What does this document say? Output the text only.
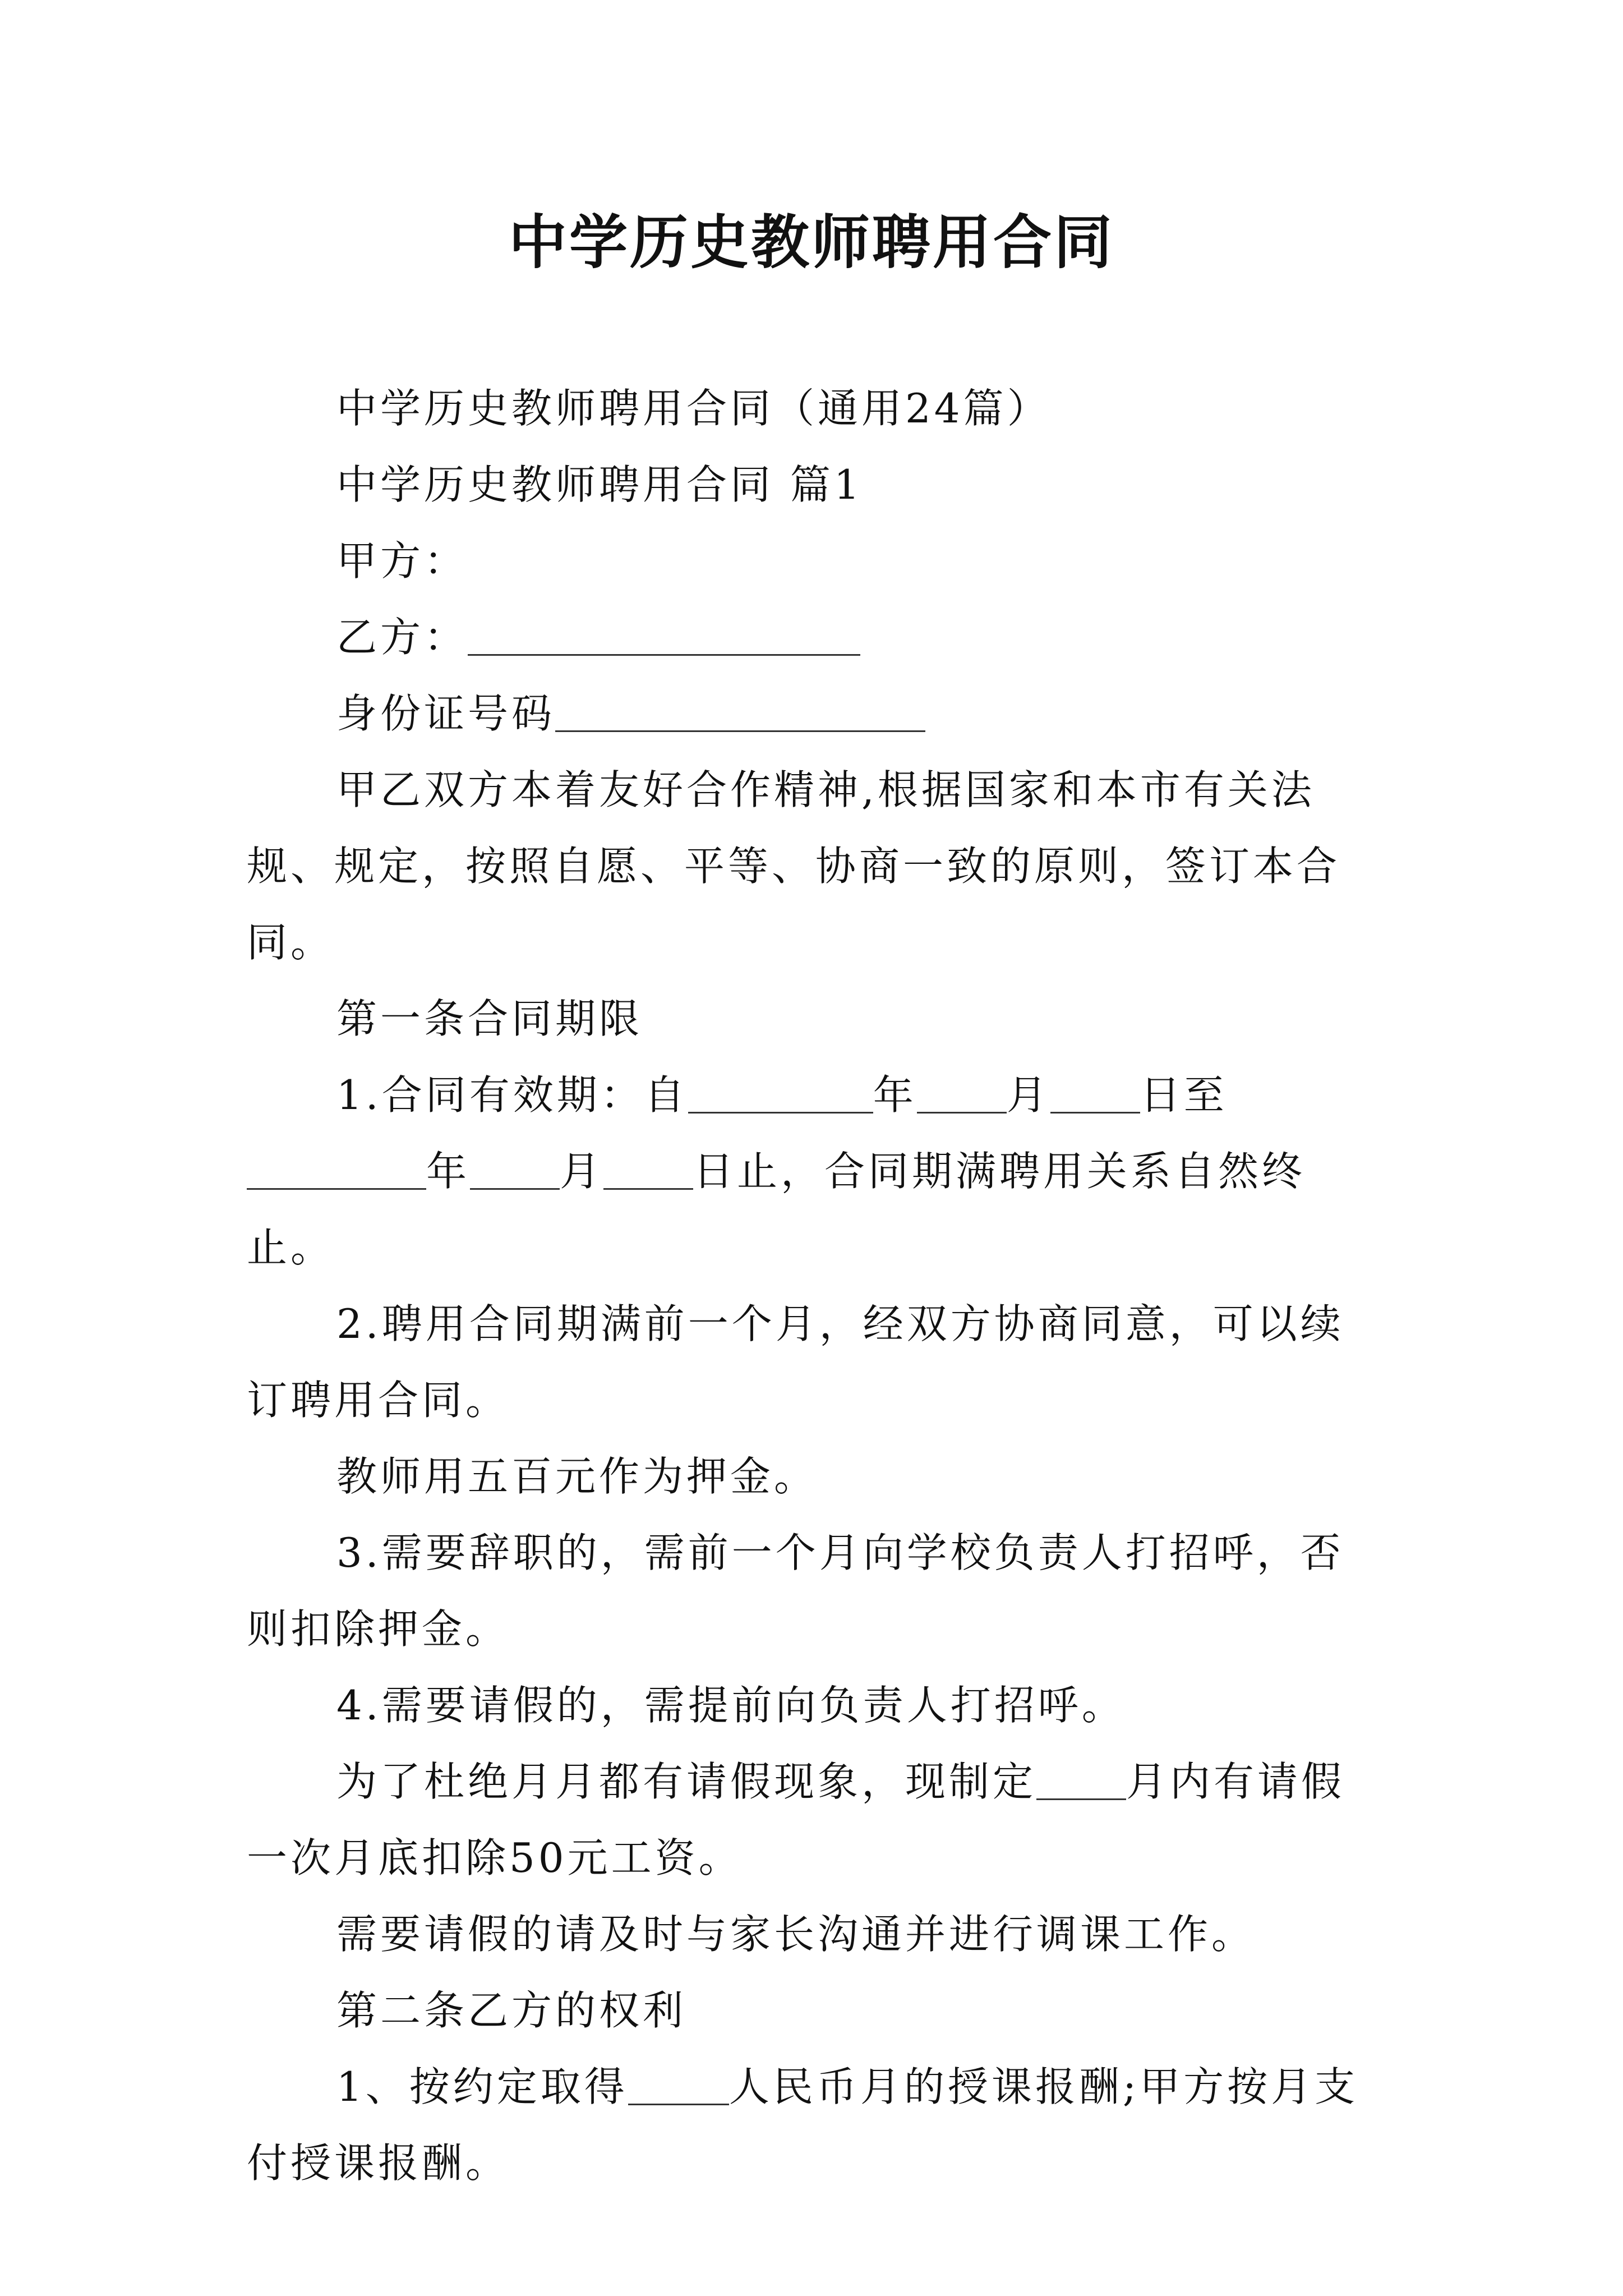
中学历史教师聘用合同

中学历史教师聘用合同（通用24篇）

中学历史教师聘用合同 篇1

甲方：

乙方：

身份证号码

甲乙双方本着友好合作精神,根据国家和本市有关法规、规定，按照自愿、平等、协商一致的原则，签订本合同。

第一条合同期限

1.合同有效期：自	年 月 日至年 月 日止，合同期满聘用关系自然终止。

2.聘用合同期满前一个月，经双方协商同意，可以续订聘用合同。

教师用五百元作为押金。

3.需要辞职的，需前一个月向学校负责人打招呼，否则扣除押金。

4.需要请假的，需提前向负责人打招呼。

为了杜绝月月都有请假现象，现制定 月内有请假一次月底扣除50元工资。

需要请假的请及时与家长沟通并进行调课工作。

第二条乙方的权利

1、按约定取得	人民币月的授课报酬;甲方按月支付授课报酬。
